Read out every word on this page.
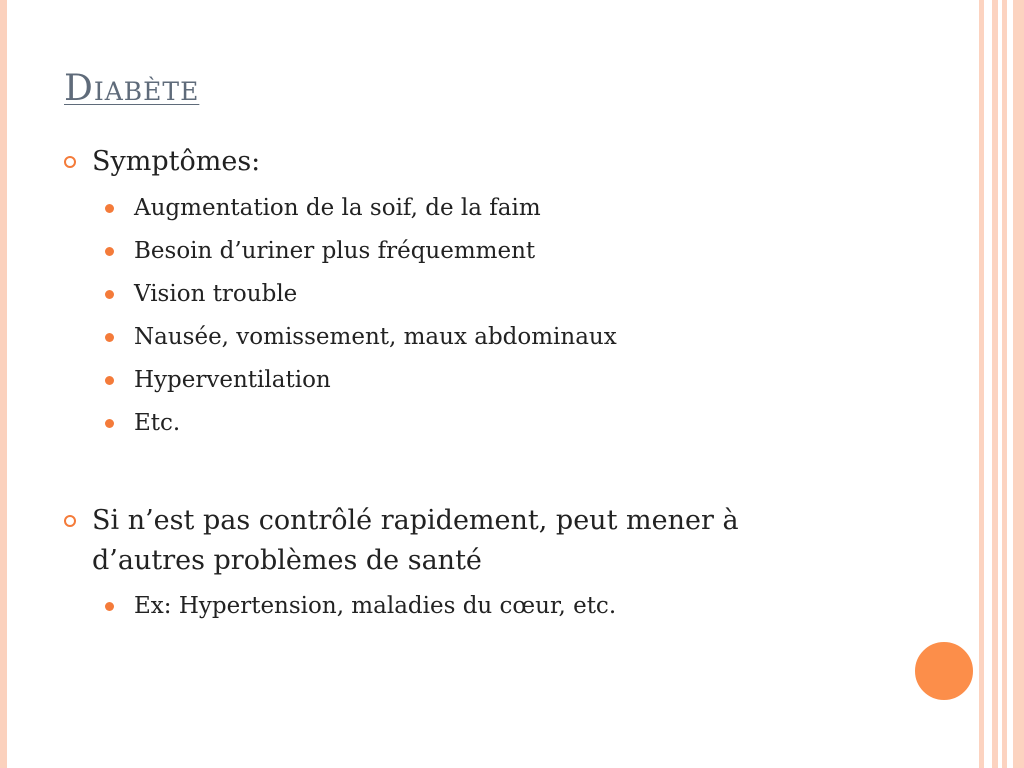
Diabète
Symptômes:
Augmentation de la soif, de la faim
Besoin d’uriner plus fréquemment
Vision trouble
Nausée, vomissement, maux abdominaux
Hyperventilation
Etc.
Si n’est pas contrôlé rapidement, peut mener à d’autres problèmes de santé
Ex: Hypertension, maladies du cœur, etc.
